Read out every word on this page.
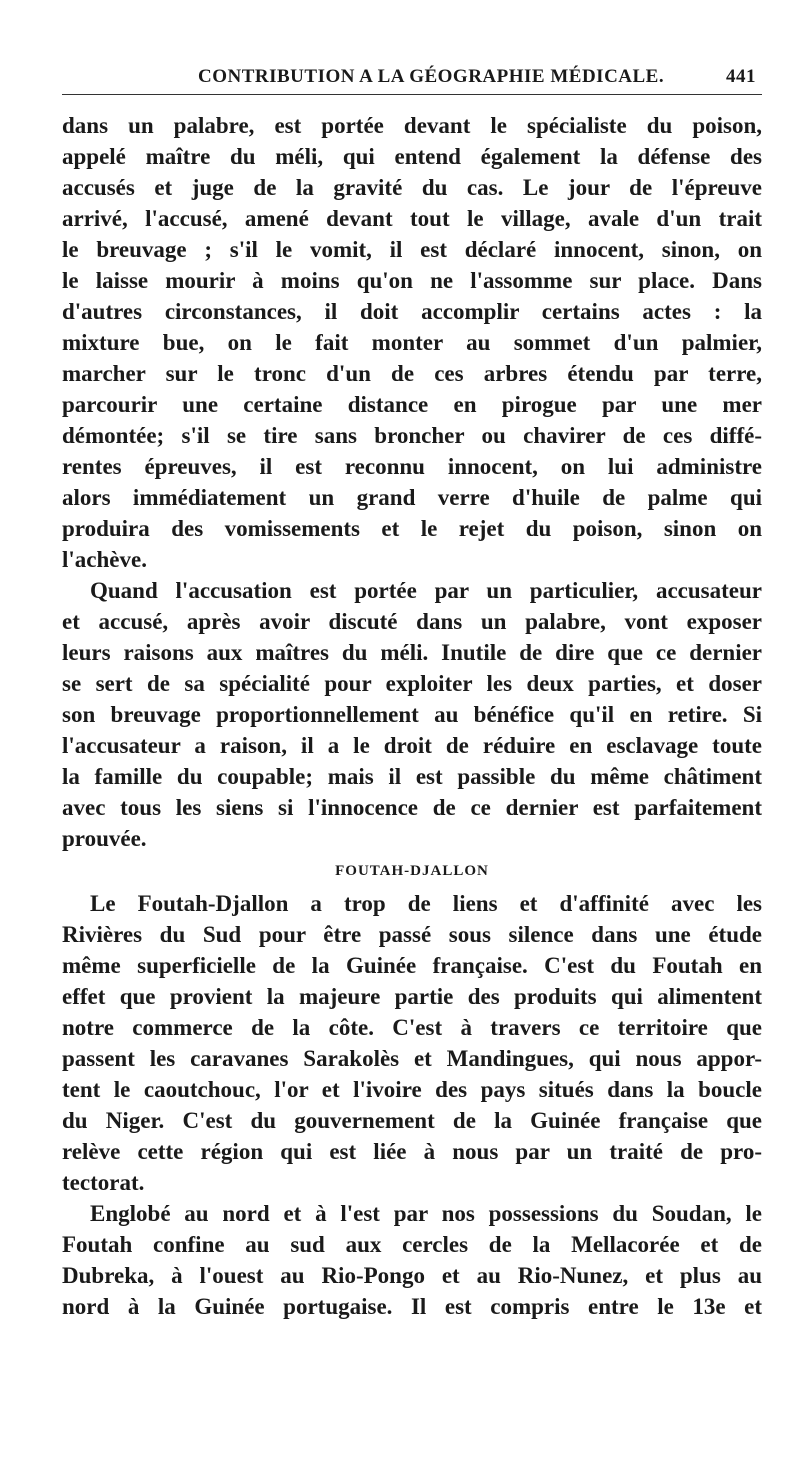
CONTRIBUTION A LA GÉOGRAPHIE MÉDICALE.	441
dans un palabre, est portée devant le spécialiste du poison,
appelé maître du méli, qui entend également la défense des
accusés et juge de la gravité du cas. Le jour de l'épreuve
arrivé, l'accusé, amené devant tout le village, avale d'un trait
le breuvage ; s'il le vomit, il est déclaré innocent, sinon, on
le laisse mourir à moins qu'on ne l'assomme sur place. Dans
d'autres circonstances, il doit accomplir certains actes : la
mixture bue, on le fait monter au sommet d'un palmier,
marcher sur le tronc d'un de ces arbres étendu par terre,
parcourir une certaine distance en pirogue par une mer
démontée; s'il se tire sans broncher ou chavirer de ces diffé-
rentes épreuves, il est reconnu innocent, on lui administre
alors immédiatement un grand verre d'huile de palme qui
produira des vomissements et le rejet du poison, sinon on
l'achève.
Quand l'accusation est portée par un particulier, accusateur
et accusé, après avoir discuté dans un palabre, vont exposer
leurs raisons aux maîtres du méli. Inutile de dire que ce dernier
se sert de sa spécialité pour exploiter les deux parties, et doser
son breuvage proportionnellement au bénéfice qu'il en retire. Si
l'accusateur a raison, il a le droit de réduire en esclavage toute
la famille du coupable; mais il est passible du même châtiment
avec tous les siens si l'innocence de ce dernier est parfaitement
prouvée.
FOUTAH-DJALLON
Le Foutah-Djallon a trop de liens et d'affinité avec les
Rivières du Sud pour être passé sous silence dans une étude
même superficielle de la Guinée française. C'est du Foutah en
effet que provient la majeure partie des produits qui alimentent
notre commerce de la côte. C'est à travers ce territoire que
passent les caravanes Sarakolès et Mandingues, qui nous appor-
tent le caoutchouc, l'or et l'ivoire des pays situés dans la boucle
du Niger. C'est du gouvernement de la Guinée française que
relève cette région qui est liée à nous par un traité de pro-
tectorat.
Englobé au nord et à l'est par nos possessions du Soudan, le
Foutah confine au sud aux cercles de la Mellacorée et de
Dubreka, à l'ouest au Rio-Pongo et au Rio-Nunez, et plus au
nord à la Guinée portugaise. Il est compris entre le 13e et
